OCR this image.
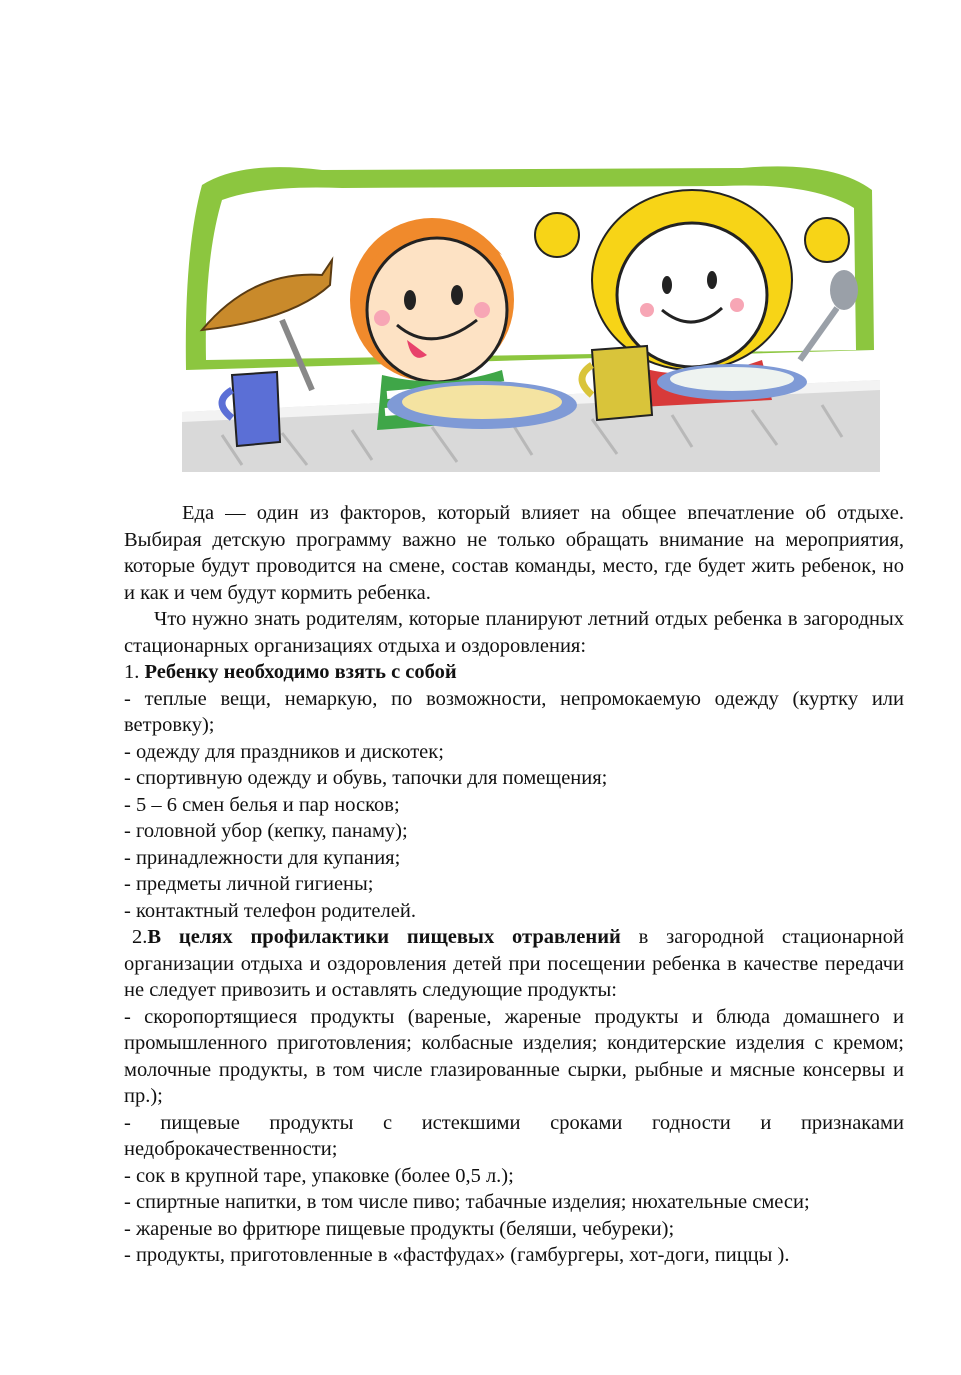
Еда — один из факторов, который влияет на общее впечатление об отдыхе. Выбирая детскую программу важно не только обращать внимание на мероприятия, которые будут проводится на смене, состав команды, место, где будет жить ребенок, но и как и чем будут кормить ребенка.

Что нужно знать родителям, которые планируют летний отдых ребенка в загородных стационарных организациях отдыха и оздоровления:

1. Ребенку необходимо взять с собой

- теплые вещи, немаркую, по возможности, непромокаемую одежду (куртку или ветровку);

- одежду для праздников и дискотек;

- спортивную одежду и обувь, тапочки для помещения;

- 5 – 6 смен белья и пар носков;

- головной убор (кепку, панаму);

- принадлежности для купания;

- предметы личной гигиены;

- контактный телефон родителей.

2.В целях профилактики пищевых отравлений в загородной стационарной организации отдыха и оздоровления детей при посещении ребенка в качестве передачи не следует привозить и оставлять следующие продукты:

- скоропортящиеся продукты (вареные, жареные продукты и блюда домашнего и промышленного приготовления; колбасные изделия; кондитерские изделия с кремом; молочные продукты, в том числе глазированные сырки, рыбные и мясные консервы и пр.);

- пищевые продукты с истекшими сроками годности и признаками недоброкачественности;

- сок в крупной таре, упаковке (более 0,5 л.);

- спиртные напитки, в том числе пиво; табачные изделия; нюхательные смеси;

- жареные во фритюре пищевые продукты (беляши, чебуреки);

- продукты, приготовленные в «фастфудах» (гамбургеры, хот-доги, пиццы ).
